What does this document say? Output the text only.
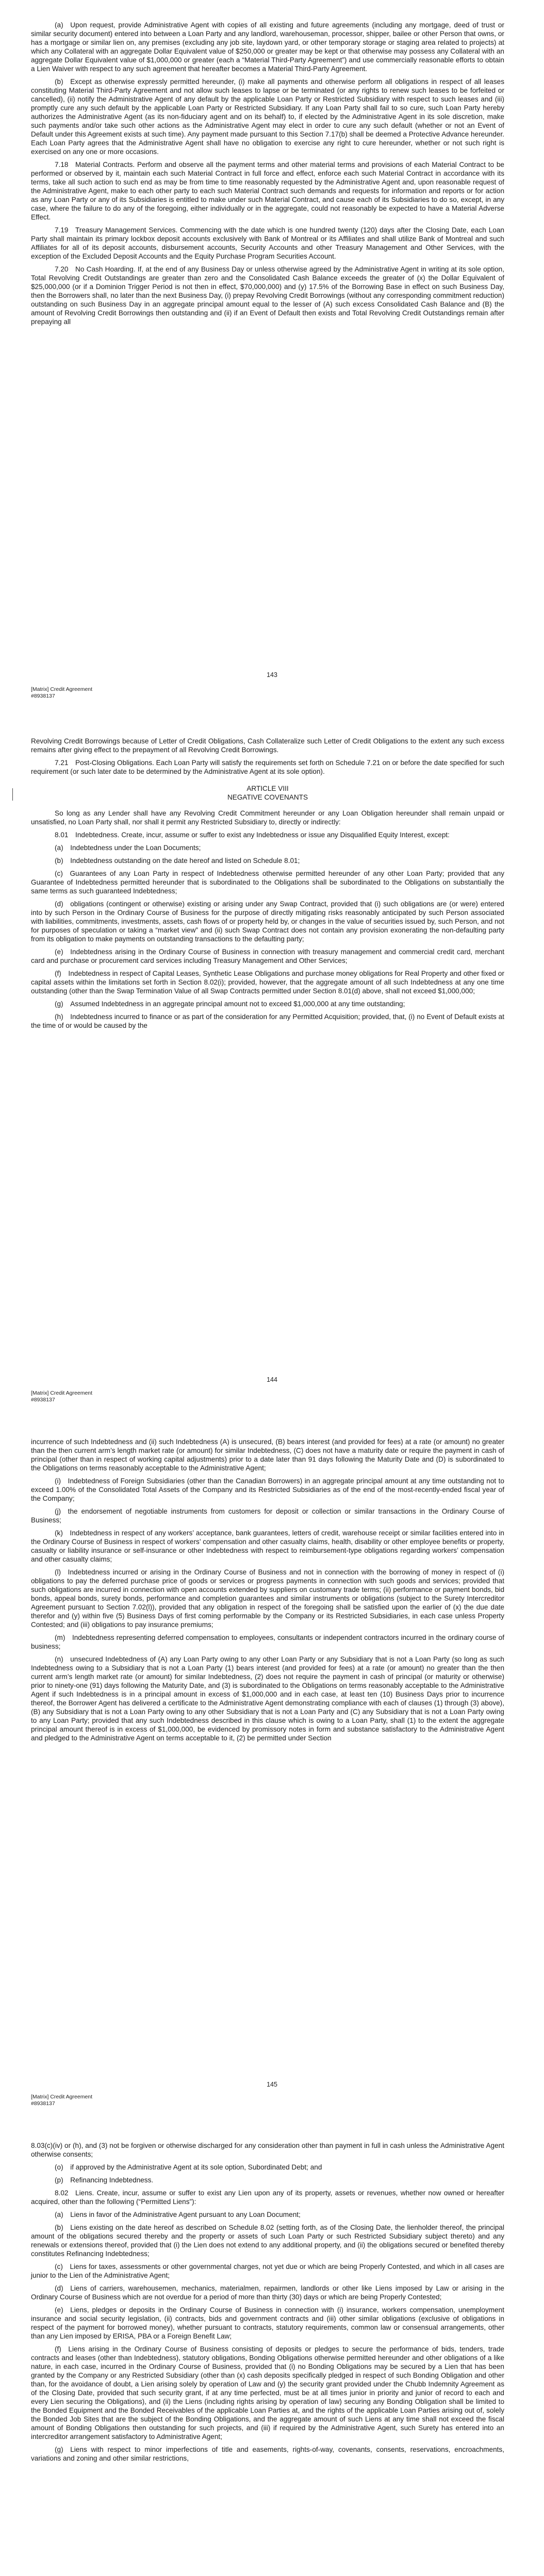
(a) Upon request, provide Administrative Agent with copies of all existing and future agreements (including any mortgage, deed of trust or similar security document) entered into between a Loan Party and any landlord, warehouseman, processor, shipper, bailee or other Person that owns, or has a mortgage or similar lien on, any premises (excluding any job site, laydown yard, or other temporary storage or staging area related to projects) at which any Collateral with an aggregate Dollar Equivalent value of $250,000 or greater may be kept or that otherwise may possess any Collateral with an aggregate Dollar Equivalent value of $1,000,000 or greater (each a “Material Third-Party Agreement”) and use commercially reasonable efforts to obtain a Lien Waiver with respect to any such agreement that hereafter becomes a Material Third-Party Agreement.

(b) Except as otherwise expressly permitted hereunder, (i) make all payments and otherwise perform all obligations in respect of all leases constituting Material Third-Party Agreement and not allow such leases to lapse or be terminated (or any rights to renew such leases to be forfeited or cancelled), (ii) notify the Administrative Agent of any default by the applicable Loan Party or Restricted Subsidiary with respect to such leases and (iii) promptly cure any such default by the applicable Loan Party or Restricted Subsidiary. If any Loan Party shall fail to so cure, such Loan Party hereby authorizes the Administrative Agent (as its non-fiduciary agent and on its behalf) to, if elected by the Administrative Agent in its sole discretion, make such payments and/or take such other actions as the Administrative Agent may elect in order to cure any such default (whether or not an Event of Default under this Agreement exists at such time). Any payment made pursuant to this Section 7.17(b) shall be deemed a Protective Advance hereunder. Each Loan Party agrees that the Administrative Agent shall have no obligation to exercise any right to cure hereunder, whether or not such right is exercised on any one or more occasions.

7.18 Material Contracts. Perform and observe all the payment terms and other material terms and provisions of each Material Contract to be performed or observed by it, maintain each such Material Contract in full force and effect, enforce each such Material Contract in accordance with its terms, take all such action to such end as may be from time to time reasonably requested by the Administrative Agent and, upon reasonable request of the Administrative Agent, make to each other party to each such Material Contract such demands and requests for information and reports or for action as any Loan Party or any of its Subsidiaries is entitled to make under such Material Contract, and cause each of its Subsidiaries to do so, except, in any case, where the failure to do any of the foregoing, either individually or in the aggregate, could not reasonably be expected to have a Material Adverse Effect.

7.19 Treasury Management Services. Commencing with the date which is one hundred twenty (120) days after the Closing Date, each Loan Party shall maintain its primary lockbox deposit accounts exclusively with Bank of Montreal or its Affiliates and shall utilize Bank of Montreal and such Affiliates for all of its deposit accounts, disbursement accounts, Security Accounts and other Treasury Management and Other Services, with the exception of the Excluded Deposit Accounts and the Equity Purchase Program Securities Account.

7.20 No Cash Hoarding. If, at the end of any Business Day or unless otherwise agreed by the Administrative Agent in writing at its sole option, Total Revolving Credit Outstandings are greater than zero and the Consolidated Cash Balance exceeds the greater of (x) the Dollar Equivalent of $25,000,000 (or if a Dominion Trigger Period is not then in effect, $70,000,000) and (y) 17.5% of the Borrowing Base in effect on such Business Day, then the Borrowers shall, no later than the next Business Day, (i) prepay Revolving Credit Borrowings (without any corresponding commitment reduction) outstanding on such Business Day in an aggregate principal amount equal to the lesser of (A) such excess Consolidated Cash Balance and (B) the amount of Revolving Credit Borrowings then outstanding and (ii) if an Event of Default then exists and Total Revolving Credit Outstandings remain after prepaying all

143
[Matrix] Credit Agreement
#8938137

Revolving Credit Borrowings because of Letter of Credit Obligations, Cash Collateralize such Letter of Credit Obligations to the extent any such excess remains after giving effect to the prepayment of all Revolving Credit Borrowings.

7.21 Post-Closing Obligations. Each Loan Party will satisfy the requirements set forth on Schedule 7.21 on or before the date specified for such requirement (or such later date to be determined by the Administrative Agent at its sole option).

ARTICLE VIII

NEGATIVE COVENANTS

So long as any Lender shall have any Revolving Credit Commitment hereunder or any Loan Obligation hereunder shall remain unpaid or unsatisfied, no Loan Party shall, nor shall it permit any Restricted Subsidiary to, directly or indirectly:

8.01 Indebtedness. Create, incur, assume or suffer to exist any Indebtedness or issue any Disqualified Equity Interest, except:

(a) Indebtedness under the Loan Documents;

(b) Indebtedness outstanding on the date hereof and listed on Schedule 8.01;

(c) Guarantees of any Loan Party in respect of Indebtedness otherwise permitted hereunder of any other Loan Party; provided that any Guarantee of Indebtedness permitted hereunder that is subordinated to the Obligations shall be subordinated to the Obligations on substantially the same terms as such guaranteed Indebtedness;

(d) obligations (contingent or otherwise) existing or arising under any Swap Contract, provided that (i) such obligations are (or were) entered into by such Person in the Ordinary Course of Business for the purpose of directly mitigating risks reasonably anticipated by such Person associated with liabilities, commitments, investments, assets, cash flows of or property held by, or changes in the value of securities issued by, such Person, and not for purposes of speculation or taking a “market view” and (ii) such Swap Contract does not contain any provision exonerating the non-defaulting party from its obligation to make payments on outstanding transactions to the defaulting party;

(e) Indebtedness arising in the Ordinary Course of Business in connection with treasury management and commercial credit card, merchant card and purchase or procurement card services including Treasury Management and Other Services;

(f) Indebtedness in respect of Capital Leases, Synthetic Lease Obligations and purchase money obligations for Real Property and other fixed or capital assets within the limitations set forth in Section 8.02(i); provided, however, that the aggregate amount of all such Indebtedness at any one time outstanding (other than the Swap Termination Value of all Swap Contracts permitted under Section 8.01(d) above, shall not exceed $1,000,000;

(g) Assumed Indebtedness in an aggregate principal amount not to exceed $1,000,000 at any time outstanding;

(h) Indebtedness incurred to finance or as part of the consideration for any Permitted Acquisition; provided, that, (i) no Event of Default exists at the time of or would be caused by the

144
[Matrix] Credit Agreement
#8938137

incurrence of such Indebtedness and (ii) such Indebtedness (A) is unsecured, (B) bears interest (and provided for fees) at a rate (or amount) no greater than the then current arm’s length market rate (or amount) for similar Indebtedness, (C) does not have a maturity date or require the payment in cash of principal (other than in respect of working capital adjustments) prior to a date later than 91 days following the Maturity Date and (D) is subordinated to the Obligations on terms reasonably acceptable to the Administrative Agent;

(i) Indebtedness of Foreign Subsidiaries (other than the Canadian Borrowers) in an aggregate principal amount at any time outstanding not to exceed 1.00% of the Consolidated Total Assets of the Company and its Restricted Subsidiaries as of the end of the most-recently-ended fiscal year of the Company;

(j) the endorsement of negotiable instruments from customers for deposit or collection or similar transactions in the Ordinary Course of Business;

(k) Indebtedness in respect of any workers’ acceptance, bank guarantees, letters of credit, warehouse receipt or similar facilities entered into in the Ordinary Course of Business in respect of workers’ compensation and other casualty claims, health, disability or other employee benefits or property, casualty or liability insurance or self-insurance or other Indebtedness with respect to reimbursement-type obligations regarding workers’ compensation and other casualty claims;

(l) Indebtedness incurred or arising in the Ordinary Course of Business and not in connection with the borrowing of money in respect of (i) obligations to pay the deferred purchase price of goods or services or progress payments in connection with such goods and services; provided that such obligations are incurred in connection with open accounts extended by suppliers on customary trade terms; (ii) performance or payment bonds, bid bonds, appeal bonds, surety bonds, performance and completion guarantees and similar instruments or obligations (subject to the Surety Intercreditor Agreement pursuant to Section 7.02(l)), provided that any obligation in respect of the foregoing shall be satisfied upon the earlier of (x) the due date therefor and (y) within five (5) Business Days of first coming performable by the Company or its Restricted Subsidiaries, in each case unless Property Contested; and (iii) obligations to pay insurance premiums;

(m) Indebtedness representing deferred compensation to employees, consultants or independent contractors incurred in the ordinary course of business;

(n) unsecured Indebtedness of (A) any Loan Party owing to any other Loan Party or any Subsidiary that is not a Loan Party (so long as such Indebtedness owing to a Subsidiary that is not a Loan Party (1) bears interest (and provided for fees) at a rate (or amount) no greater than the then current arm’s length market rate (or amount) for similar Indebtedness, (2) does not require the payment in cash of principal (or maturity or otherwise) prior to ninety-one (91) days following the Maturity Date, and (3) is subordinated to the Obligations on terms reasonably acceptable to the Administrative Agent if such Indebtedness is in a principal amount in excess of $1,000,000 and in each case, at least ten (10) Business Days prior to incurrence thereof, the Borrower Agent has delivered a certificate to the Administrative Agent demonstrating compliance with each of clauses (1) through (3) above), (B) any Subsidiary that is not a Loan Party owing to any other Subsidiary that is not a Loan Party and (C) any Subsidiary that is not a Loan Party owing to any Loan Party; provided that any such Indebtedness described in this clause which is owing to a Loan Party, shall (1) to the extent the aggregate principal amount thereof is in excess of $1,000,000, be evidenced by promissory notes in form and substance satisfactory to the Administrative Agent and pledged to the Administrative Agent on terms acceptable to it, (2) be permitted under Section

145
[Matrix] Credit Agreement
#8938137

8.03(c)(iv) or (h), and (3) not be forgiven or otherwise discharged for any consideration other than payment in full in cash unless the Administrative Agent otherwise consents;

(o) if approved by the Administrative Agent at its sole option, Subordinated Debt; and

(p) Refinancing Indebtedness.

8.02 Liens. Create, incur, assume or suffer to exist any Lien upon any of its property, assets or revenues, whether now owned or hereafter acquired, other than the following (“Permitted Liens”):

(a) Liens in favor of the Administrative Agent pursuant to any Loan Document;

(b) Liens existing on the date hereof as described on Schedule 8.02 (setting forth, as of the Closing Date, the lienholder thereof, the principal amount of the obligations secured thereby and the property or assets of such Loan Party or such Restricted Subsidiary subject thereto) and any renewals or extensions thereof, provided that (i) the Lien does not extend to any additional property, and (ii) the obligations secured or benefited thereby constitutes Refinancing Indebtedness;

(c) Liens for taxes, assessments or other governmental charges, not yet due or which are being Properly Contested, and which in all cases are junior to the Lien of the Administrative Agent;

(d) Liens of carriers, warehousemen, mechanics, materialmen, repairmen, landlords or other like Liens imposed by Law or arising in the Ordinary Course of Business which are not overdue for a period of more than thirty (30) days or which are being Properly Contested;

(e) Liens, pledges or deposits in the Ordinary Course of Business in connection with (i) insurance, workers compensation, unemployment insurance and social security legislation, (ii) contracts, bids and government contracts and (iii) other similar obligations (exclusive of obligations in respect of the payment for borrowed money), whether pursuant to contracts, statutory requirements, common law or consensual arrangements, other than any Lien imposed by ERISA, PBA or a Foreign Benefit Law;

(f) Liens arising in the Ordinary Course of Business consisting of deposits or pledges to secure the performance of bids, tenders, trade contracts and leases (other than Indebtedness), statutory obligations, Bonding Obligations otherwise permitted hereunder and other obligations of a like nature, in each case, incurred in the Ordinary Course of Business, provided that (i) no Bonding Obligations may be secured by a Lien that has been granted by the Company or any Restricted Subsidiary (other than (x) cash deposits specifically pledged in respect of such Bonding Obligation and other than, for the avoidance of doubt, a Lien arising solely by operation of Law and (y) the security grant provided under the Chubb Indemnity Agreement as of the Closing Date, provided that such security grant, if at any time perfected, must be at all times junior in priority and junior of record to each and every Lien securing the Obligations), and (ii) the Liens (including rights arising by operation of law) securing any Bonding Obligation shall be limited to the Bonded Equipment and the Bonded Receivables of the applicable Loan Parties at, and the rights of the applicable Loan Parties arising out of, solely the Bonded Job Sites that are the subject of the Bonding Obligations, and the aggregate amount of such Liens at any time shall not exceed the fiscal amount of Bonding Obligations then outstanding for such projects, and (iii) if required by the Administrative Agent, such Surety has entered into an intercreditor arrangement satisfactory to Administrative Agent;

(g) Liens with respect to minor imperfections of title and easements, rights-of-way, covenants, consents, reservations, encroachments, variations and zoning and other similar restrictions,
